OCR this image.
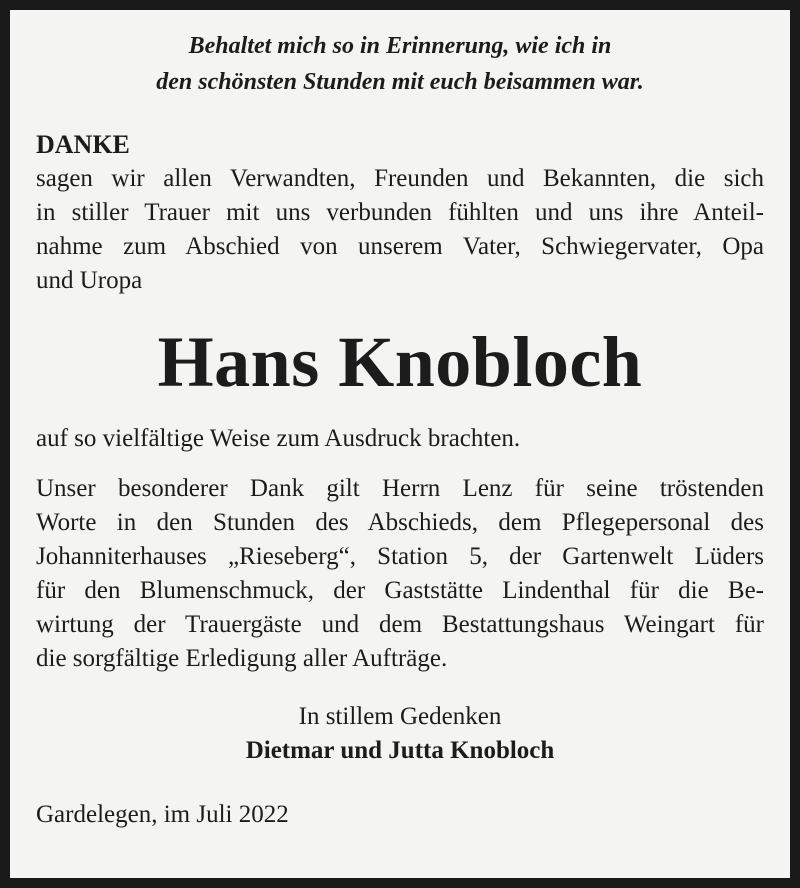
Behaltet mich so in Erinnerung, wie ich in
den schönsten Stunden mit euch beisammen war.

DANKE
sagen wir allen Verwandten, Freunden und Bekannten, die sich
in stiller Trauer mit uns verbunden fühlten und uns ihre Anteil-
nahme zum Abschied von unserem Vater, Schwiegervater, Opa
und Uropa
Hans Knobloch

auf so vielfältige Weise zum Ausdruck brachten.

Unser besonderer Dank gilt Herrn Lenz für seine tröstenden
Worte in den Stunden des Abschieds, dem Pflegepersonal des
Johanniterhauses „Rieseberg“, Station 5, der Gartenwelt Lüders
für den Blumenschmuck, der Gaststätte Lindenthal für die Be-
wirtung der Trauergäste und dem Bestattungshaus Weingart für
die sorgfältige Erledigung aller Aufträge.

In stillem Gedenken

Dietmar und Jutta Knobloch

Gardelegen, im Juli 2022
